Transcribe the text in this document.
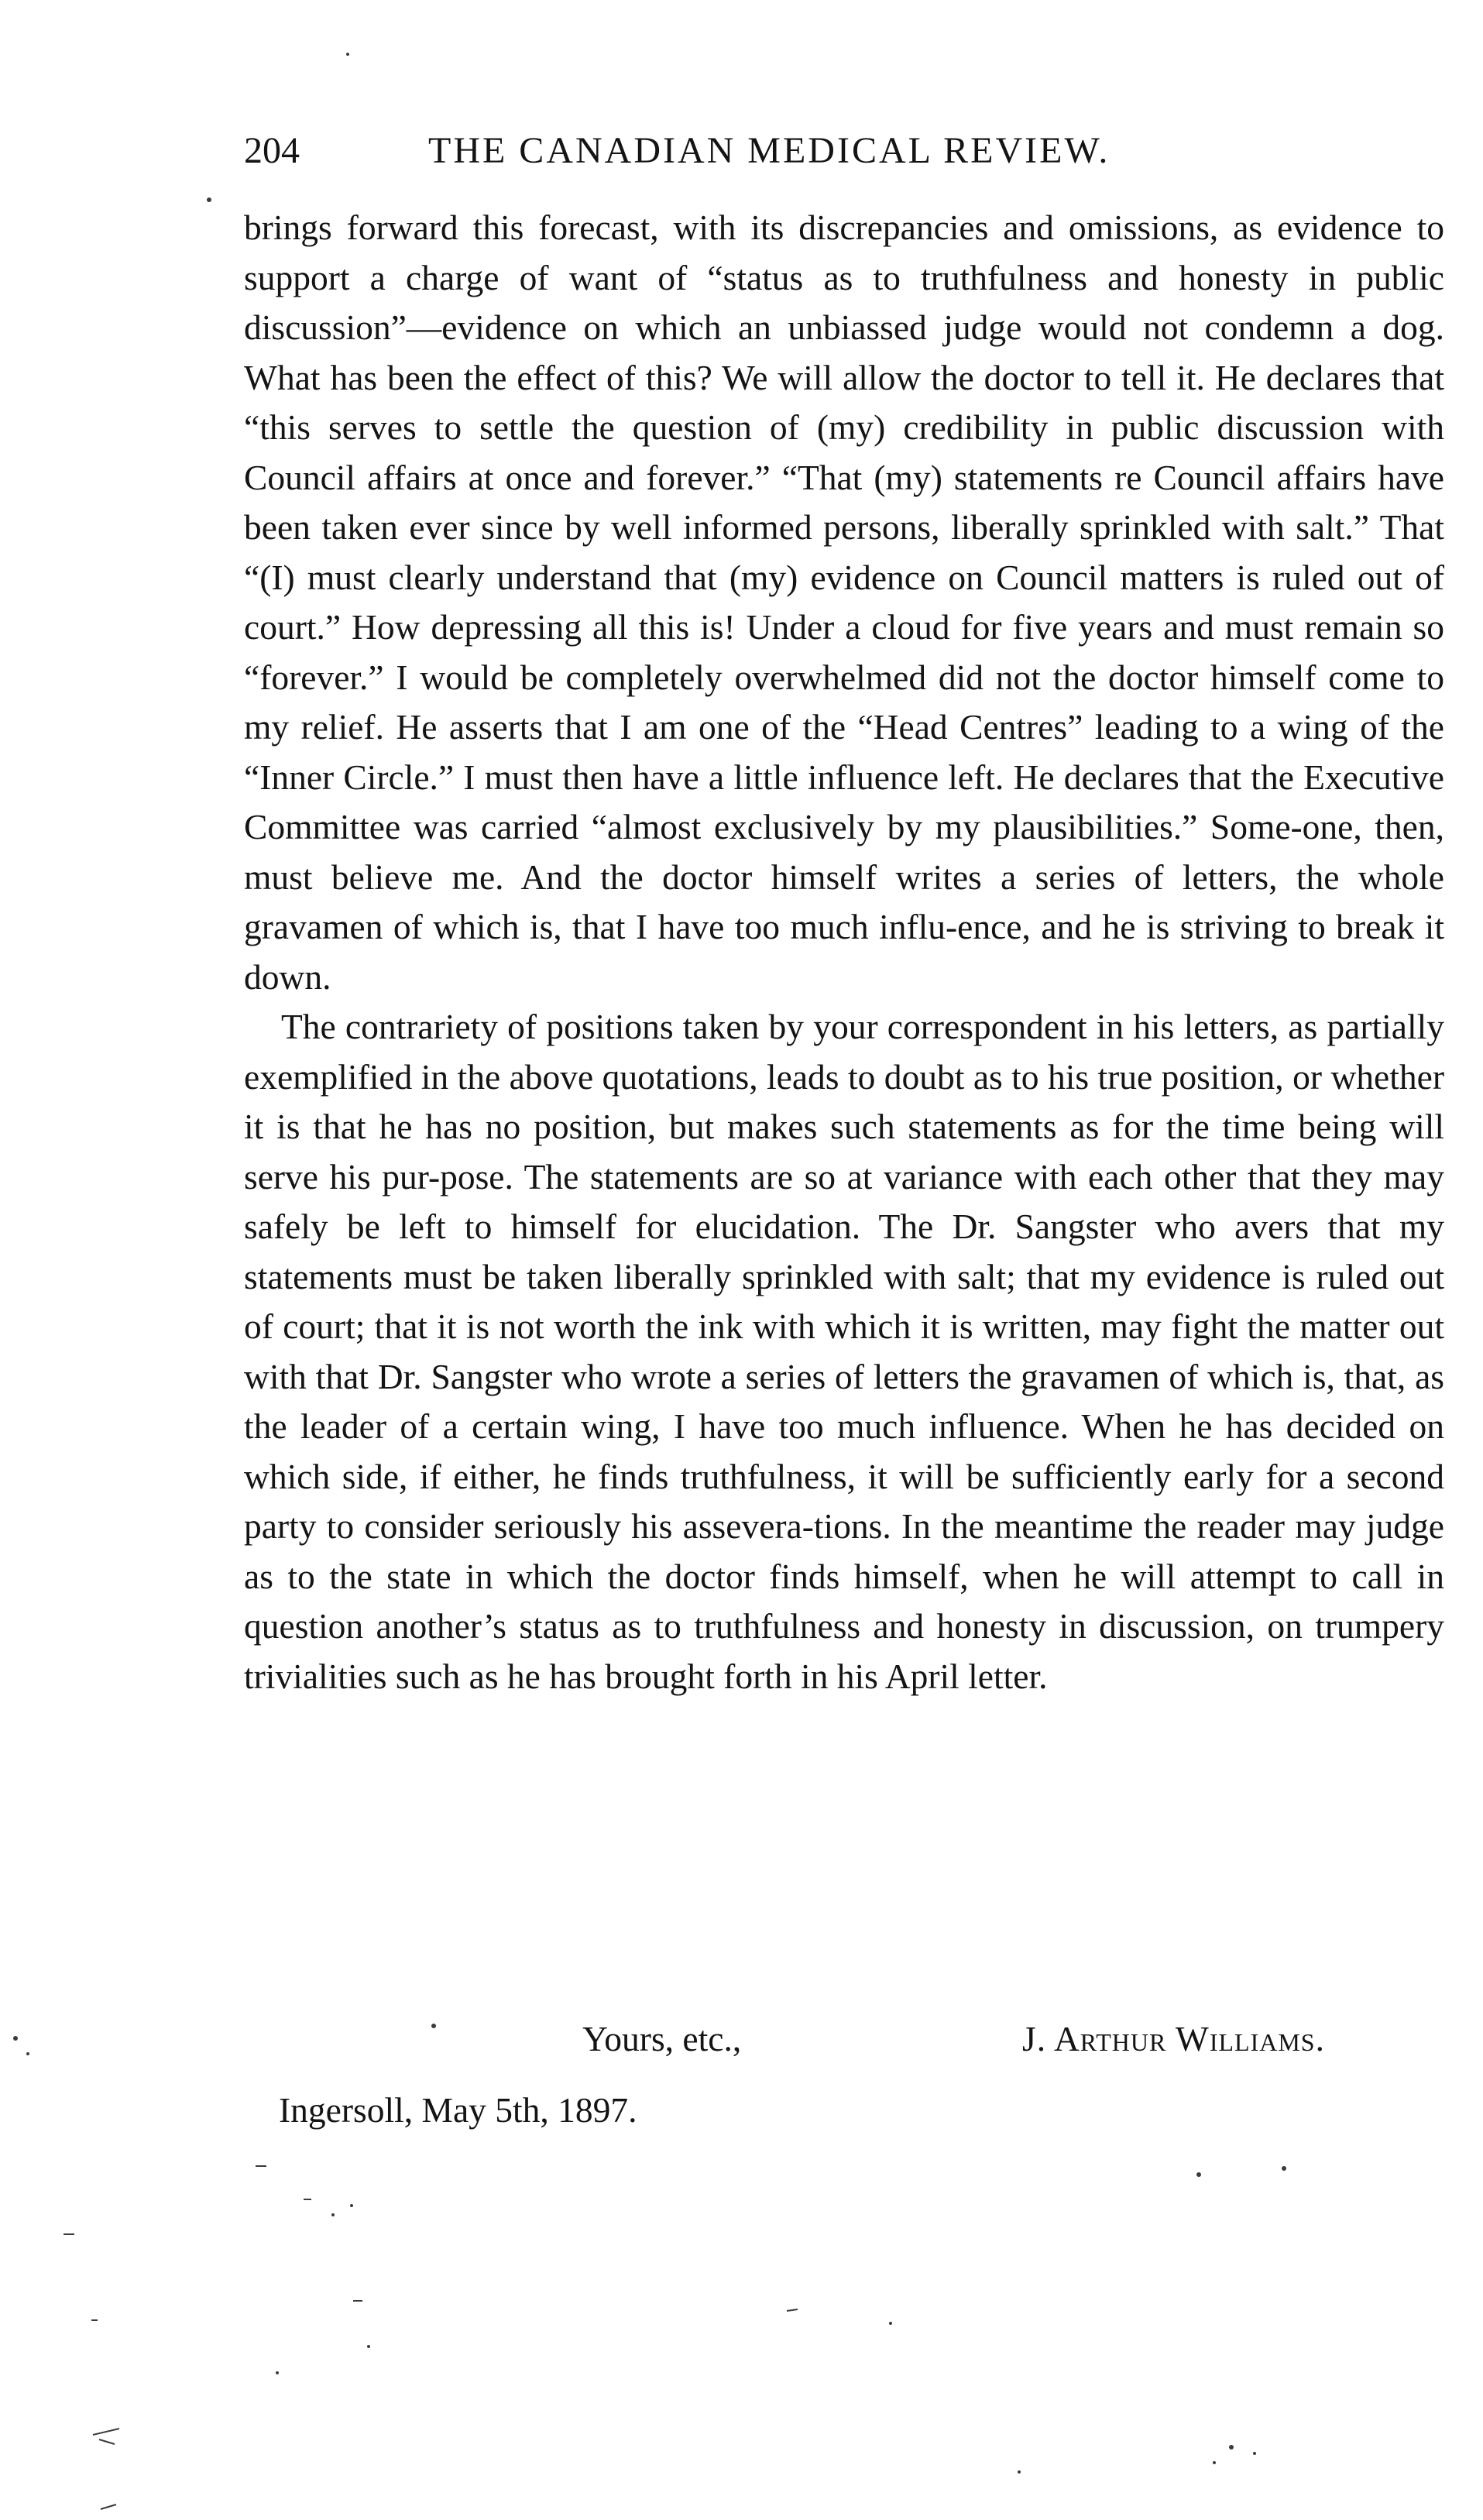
204	THE CANADIAN MEDICAL REVIEW.

brings forward this forecast, with its discrepancies and omissions, as evidence to support a charge of want of “status as to truthfulness and honesty in public discussion”—evidence on which an unbiassed judge would not condemn a dog. What has been the effect of this? We will allow the doctor to tell it. He declares that “this serves to settle the question of (my) credibility in public discussion with Council affairs at once and forever.” “That (my) statements re Council affairs have been taken ever since by well informed persons, liberally sprinkled with salt.” That “(I) must clearly understand that (my) evidence on Council matters is ruled out of court.” How depressing all this is! Under a cloud for five years and must remain so “forever.” I would be completely overwhelmed did not the doctor himself come to my relief. He asserts that I am one of the “Head Centres” leading to a wing of the “Inner Circle.” I must then have a little influence left. He declares that the Executive Committee was carried “almost exclusively by my plausibilities.” Some-one, then, must believe me. And the doctor himself writes a series of letters, the whole gravamen of which is, that I have too much influ-ence, and he is striving to break it down.

The contrariety of positions taken by your correspondent in his letters, as partially exemplified in the above quotations, leads to doubt as to his true position, or whether it is that he has no position, but makes such statements as for the time being will serve his pur-pose. The statements are so at variance with each other that they may safely be left to himself for elucidation. The Dr. Sangster who avers that my statements must be taken liberally sprinkled with salt; that my evidence is ruled out of court; that it is not worth the ink with which it is written, may fight the matter out with that Dr. Sangster who wrote a series of letters the gravamen of which is, that, as the leader of a certain wing, I have too much influence. When he has decided on which side, if either, he finds truthfulness, it will be sufficiently early for a second party to consider seriously his assevera-tions. In the meantime the reader may judge as to the state in which the doctor finds himself, when he will attempt to call in question another’s status as to truthfulness and honesty in discussion, on trumpery trivialities such as he has brought forth in his April letter.

Yours, etc.,	J. Arthur Williams.
Ingersoll, May 5th, 1897.
